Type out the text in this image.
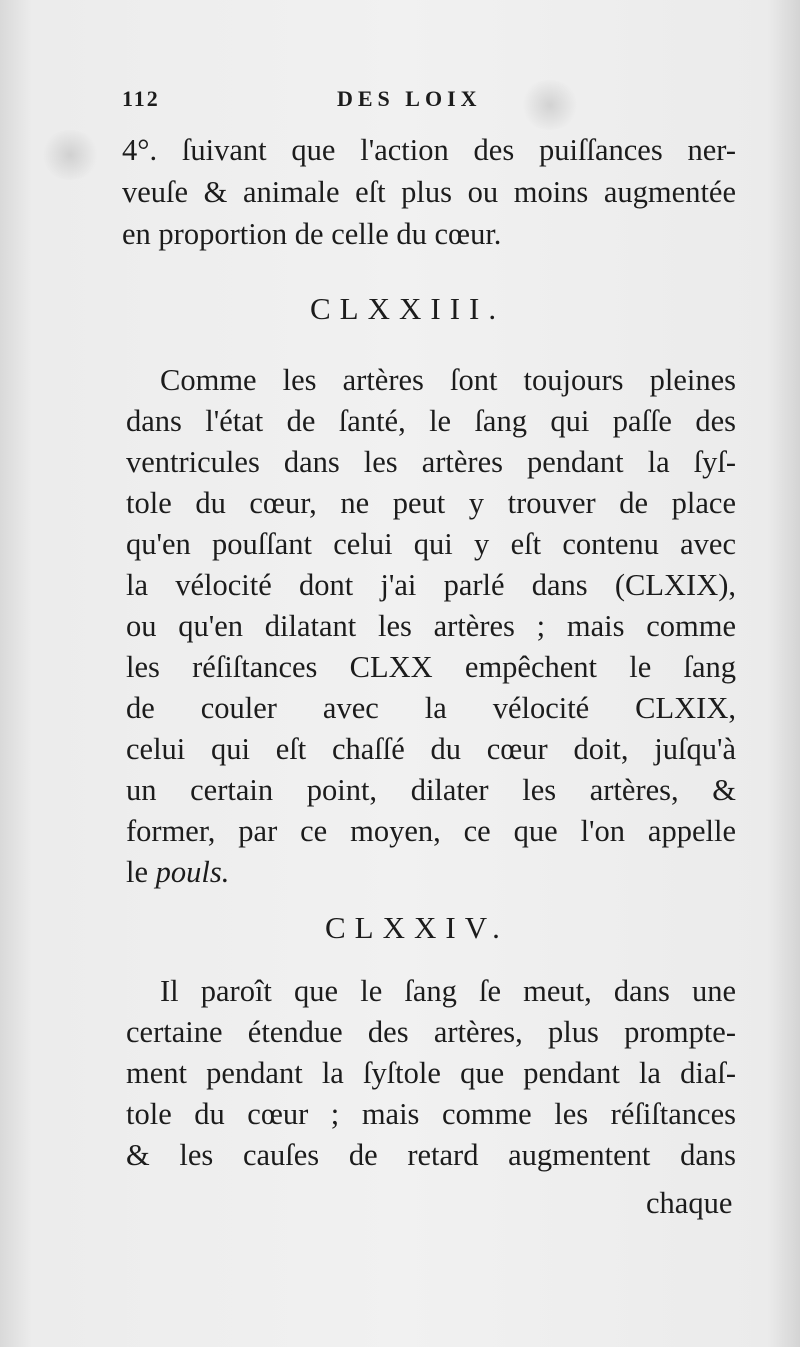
112	DES LOIX
4°. ſuivant que l'action des puiſſances ner-
veuſe & animale eſt plus ou moins augmentée
en proportion de celle du cœur.
CLXXIII.
Comme les artères ſont toujours pleines
dans l'état de ſanté, le ſang qui paſſe des
ventricules dans les artères pendant la ſyſ-
tole du cœur, ne peut y trouver de place
qu'en pouſſant celui qui y eſt contenu avec
la vélocité dont j'ai parlé dans (CLXIX),
ou qu'en dilatant les artères ; mais comme
les réſiſtances CLXX empêchent le ſang
de couler avec la vélocité CLXIX,
celui qui eſt chaſſé du cœur doit, juſqu'à
un certain point, dilater les artères, &
former, par ce moyen, ce que l'on appelle
le pouls.
CLXXIV.
Il paroît que le ſang ſe meut, dans une
certaine étendue des artères, plus prompte-
ment pendant la ſyſtole que pendant la diaſ-
tole du cœur ; mais comme les réſiſtances
& les cauſes de retard augmentent dans
chaque
